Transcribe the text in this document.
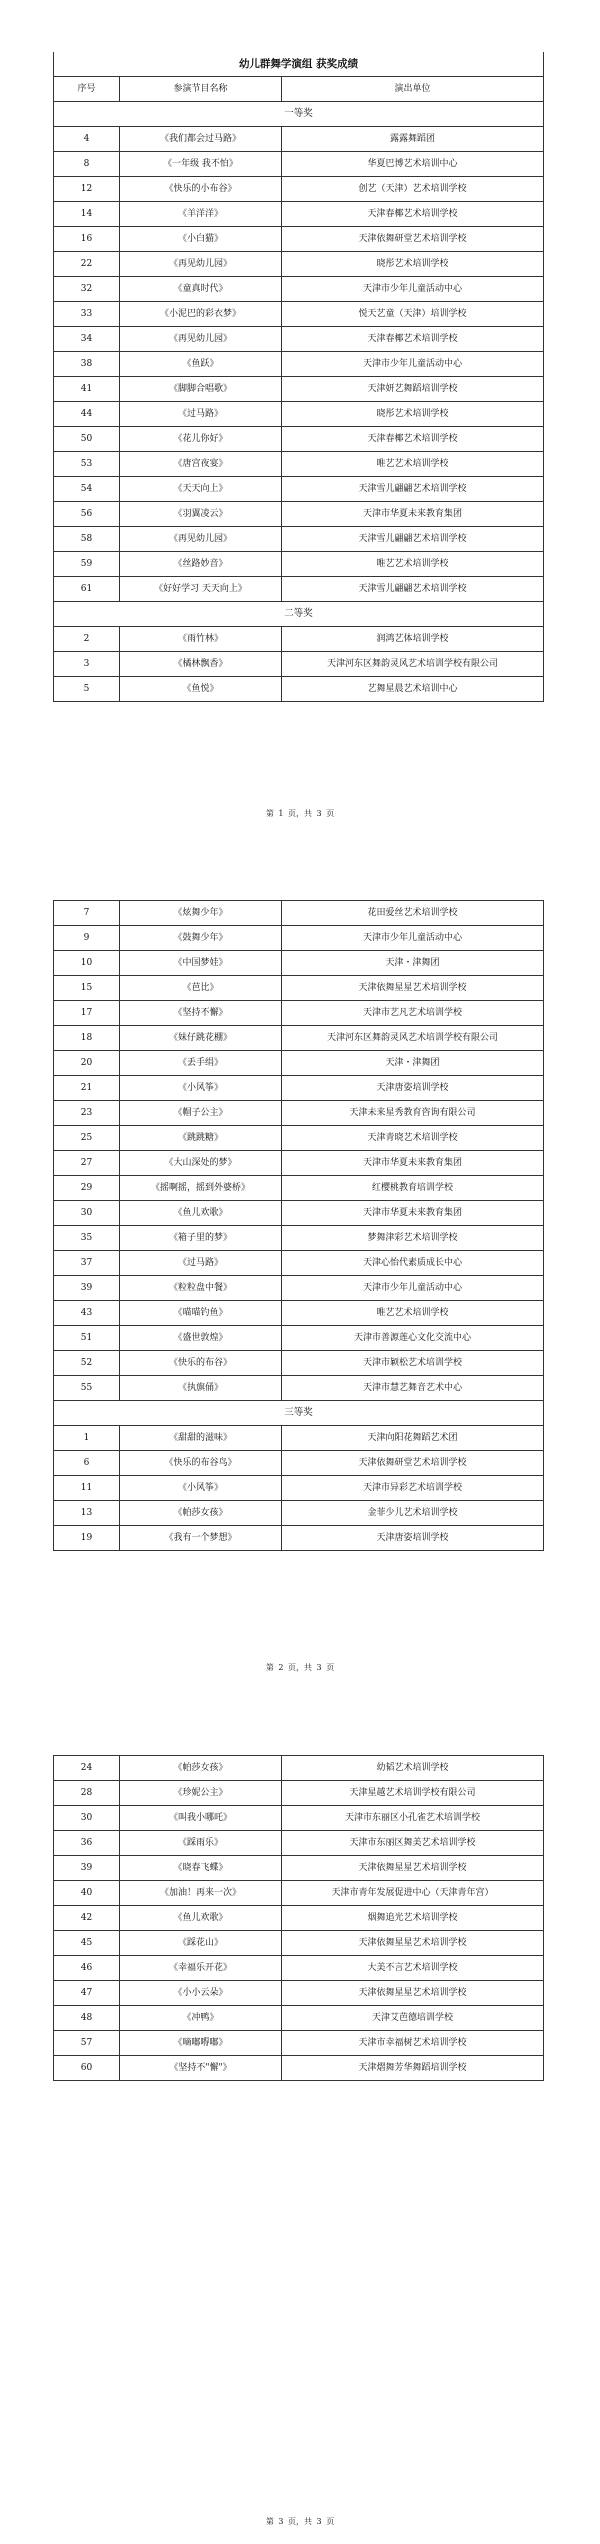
幼儿群舞学演组 获奖成绩		
序号	参演节目名称	演出单位
一等奖		
4	《我们都会过马路》	露露舞蹈团
8	《一年级 我不怕》	华夏巴博艺术培训中心
12	《快乐的小布谷》	创艺（天津）艺术培训学校
14	《羊洋洋》	天津春椰艺术培训学校
16	《小白猫》	天津依舞研堂艺术培训学校
22	《再见幼儿园》	晓彤艺术培训学校
32	《童真时代》	天津市少年儿童活动中心
33	《小泥巴的彩衣梦》	悦天艺童（天津）培训学校
34	《再见幼儿园》	天津春椰艺术培训学校
38	《鱼跃》	天津市少年儿童活动中心
41	《脚脚合唱歌》	天津妍艺舞蹈培训学校
44	《过马路》	晓彤艺术培训学校
50	《花儿你好》	天津春椰艺术培训学校
53	《唐宫夜宴》	唯艺艺术培训学校
54	《天天向上》	天津雪儿翩翩艺术培训学校
56	《羽翼凌云》	天津市华夏未来教育集团
58	《再见幼儿园》	天津雪儿翩翩艺术培训学校
59	《丝路妙音》	唯艺艺术培训学校
61	《好好学习 天天向上》	天津雪儿翩翩艺术培训学校
二等奖		
2	《雨竹林》	润鸿艺体培训学校
3	《橘林飘香》	天津河东区舞韵灵风艺术培训学校有限公司
5	《鱼悦》	艺舞星晨艺术培训中心
第 1 页，共 3 页
7	《炫舞少年》	花田爱丝艺术培训学校
9	《鼓舞少年》	天津市少年儿童活动中心
10	《中国梦娃》	天津・津舞团
15	《芭比》	天津依舞星星艺术培训学校
17	《坚持不懈》	天津市艺凡艺术培训学校
18	《妹仔跳花棚》	天津河东区舞韵灵风艺术培训学校有限公司
20	《丢手绢》	天津・津舞团
21	《小风筝》	天津唐姿培训学校
23	《帽子公主》	天津未来星秀教育咨询有限公司
25	《跳跳糖》	天津青晓艺术培训学校
27	《大山深处的梦》	天津市华夏未来教育集团
29	《摇啊摇，摇到外婆桥》	红樱桃教育培训学校
30	《鱼儿欢歌》	天津市华夏未来教育集团
35	《箱子里的梦》	梦舞津彩艺术培训学校
37	《过马路》	天津心怡代素质成长中心
39	《粒粒盘中餐》	天津市少年儿童活动中心
43	《喵喵钓鱼》	唯艺艺术培训学校
51	《盛世敦煌》	天津市善源莲心文化交流中心
52	《快乐的布谷》	天津市颖松艺术培训学校
55	《执旗俑》	天津市慧艺舞音艺术中心
三等奖		
1	《甜甜的滋味》	天津向阳花舞蹈艺术团
6	《快乐的布谷鸟》	天津依舞研堂艺术培训学校
11	《小风筝》	天津市异彩艺术培训学校
13	《帕莎女孩》	金菲少儿艺术培训学校
19	《我有一个梦想》	天津唐姿培训学校
第 2 页，共 3 页
24	《帕莎女孩》	幼韬艺术培训学校
28	《珍妮公主》	天津星越艺术培训学校有限公司
30	《叫我小哪吒》	天津市东丽区小孔雀艺术培训学校
36	《踩雨乐》	天津市东丽区舞美艺术培训学校
39	《晓春飞蝶》	天津依舞星星艺术培训学校
40	《加油！再来一次》	天津市青年发展促进中心（天津青年宫）
42	《鱼儿欢歌》	烟舞追光艺术培训学校
45	《踩花山》	天津依舞星星艺术培训学校
46	《幸福乐开花》	大美不言艺术培训学校
47	《小小云朵》	天津依舞星星艺术培训学校
48	《冲鸭》	天津艾芭德培训学校
57	《嘀嘟嘚嘟》	天津市幸福树艺术培训学校
60	《坚持不"懈"》	天津熠舞芳华舞蹈培训学校
第 3 页，共 3 页
